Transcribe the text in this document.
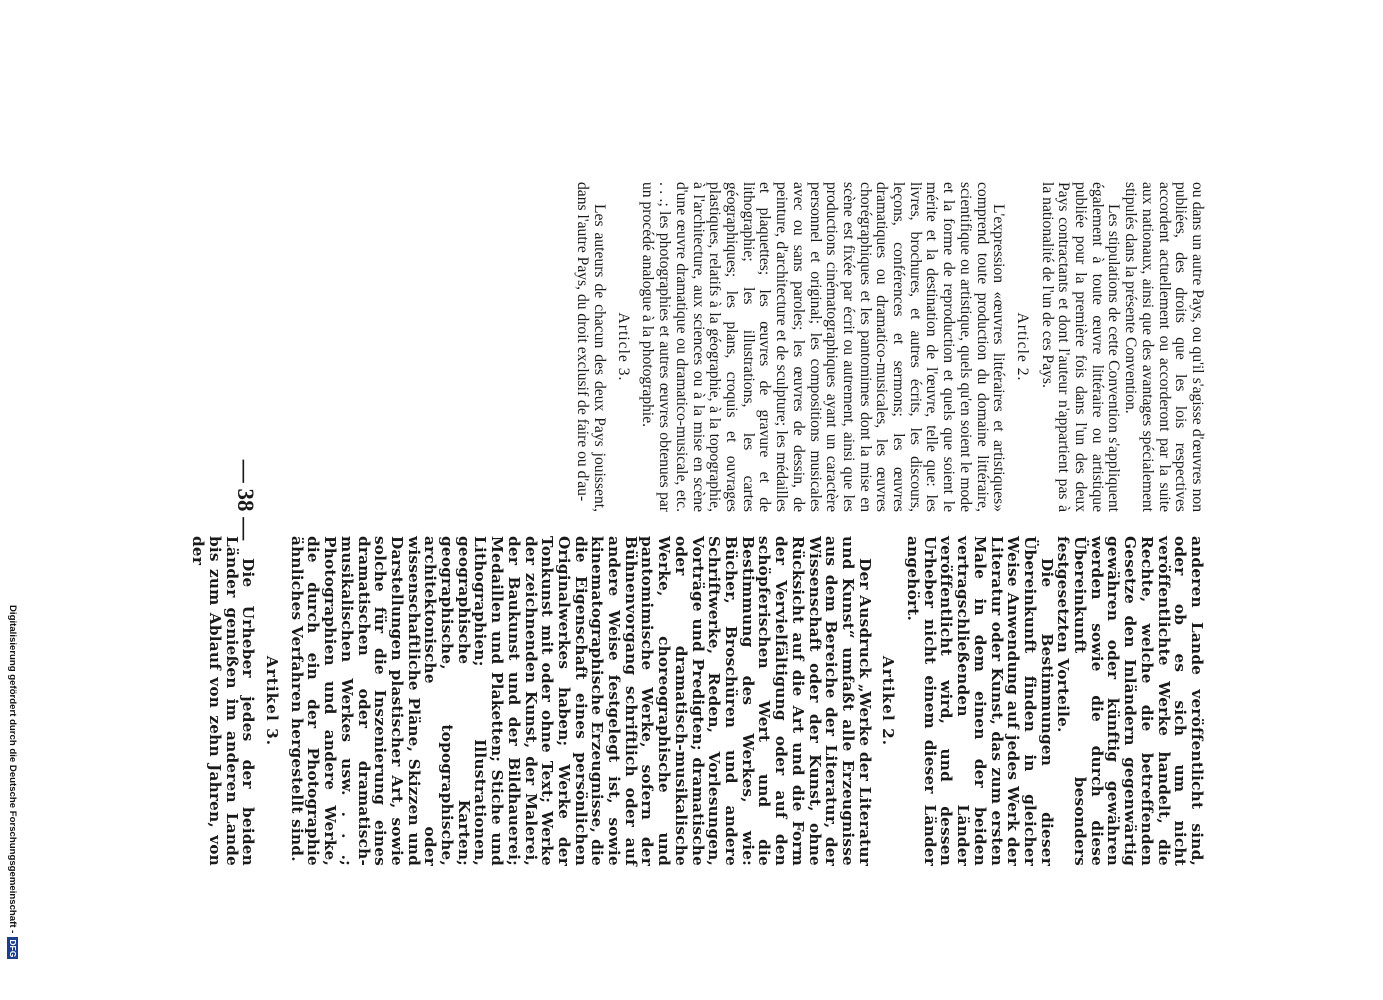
Digitalisierung gefördert durch die Deutsche Forschungsgemeinschaft -DFG
— 38 —	ou dans un autre Pays, ou qu'il s'agisse d'œuvres non publiées, des droits que les lois respectives accordent actuellement ou accorderont par la suite aux nationaux, ainsi que des avantages spécialement stipulés dans la présente Convention.

Les stipulations de cette Convention s'appliquent également à toute œuvre littéraire ou artistique publiée pour la première fois dans l'un des deux Pays contractants et dont l'auteur n'appartient pas à la nationalité de l'un de ces Pays.

Article 2.

L'expression «œuvres littéraires et artistiques» comprend toute production du domaine littéraire, scientifique ou artistique, quels qu'en soient le mode et la forme de reproduction et quels que soient le mérite et la destination de l'œuvre, telle que: les livres, brochures, et autres écrits, les discours, leçons, conférences et sermons; les œuvres dramatiques ou dramatico-musicales, les œuvres chorégraphiques et les pantomimes dont la mise en scène est fixée par écrit ou autrement, ainsi que les productions cinématographiques ayant un caractère personnel et original; les compositions musicales avec ou sans paroles; les œuvres de dessin, de peinture, d'architecture et de sculpture; les médailles et plaquettes; les œuvres de gravure et de lithographie; les illustrations, les cartes géographiques; les plans, croquis et ouvrages plastiques, relatifs à la géographie, à la topographie, à l'architecture, aux sciences ou à la mise en scène d'une œuvre dramatique ou dramatico-musicale, etc. . . .; les photographies et autres œuvres obtenues par un procédé analogue à la photographie.

Article 3.

Les auteurs de chacun des deux Pays jouissent, dans l'autre Pays, du droit exclusif de faire ou d'au-

anderen Lande veröffentlicht sind, oder ob es sich um nicht veröffentlichte Werke handelt, die Rechte, welche die betreffenden Gesetze den Inländern gegenwärtig gewähren oder künftig gewähren werden sowie die durch diese Übereinkunft besonders festgesetzten Vorteile.

Die Bestimmungen dieser Übereinkunft finden in gleicher Weise Anwendung auf jedes Werk der Literatur oder Kunst, das zum ersten Male in dem einen der beiden vertragschließenden Länder veröffentlicht wird, und dessen Urheber nicht einem dieser Länder angehört.

Artikel 2.

Der Ausdruck „Werke der Literatur und Kunst“ umfaßt alle Erzeugnisse aus dem Bereiche der Literatur, der Wissenschaft oder der Kunst, ohne Rücksicht auf die Art und die Form der Vervielfältigung oder auf den schöpferischen Wert und die Bestimmung des Werkes, wie: Bücher, Broschüren und andere Schriftwerke, Reden, Vorlesungen, Vorträge und Predigten; dramatische oder dramatisch-musikalische Werke, choreographische und pantomimische Werke, sofern der Bühnenvorgang schriftlich oder auf andere Weise festgelegt ist, sowie kinematographische Erzeugnisse, die die Eigenschaft eines persönlichen Originalwerkes haben; Werke der Tonkunst mit oder ohne Text; Werke der zeichnenden Kunst, der Malerei, der Baukunst und der Bildhauerei; Medaillen und Plaketten; Stiche und Lithographien; Illustrationen, geographische Karten; geographische, topographische, architektonische oder wissenschaftliche Pläne, Skizzen und Darstellungen plastischer Art, sowie solche für die Inszenierung eines dramatischen oder dramatisch-musikalischen Werkes usw. . . .; Photographien und andere Werke, die durch ein der Photographie ähnliches Verfahren hergestellt sind.

Artikel 3.

Die Urheber jedes der beiden Länder genießen im anderen Lande bis zum Ablauf von zehn Jahren, von der
